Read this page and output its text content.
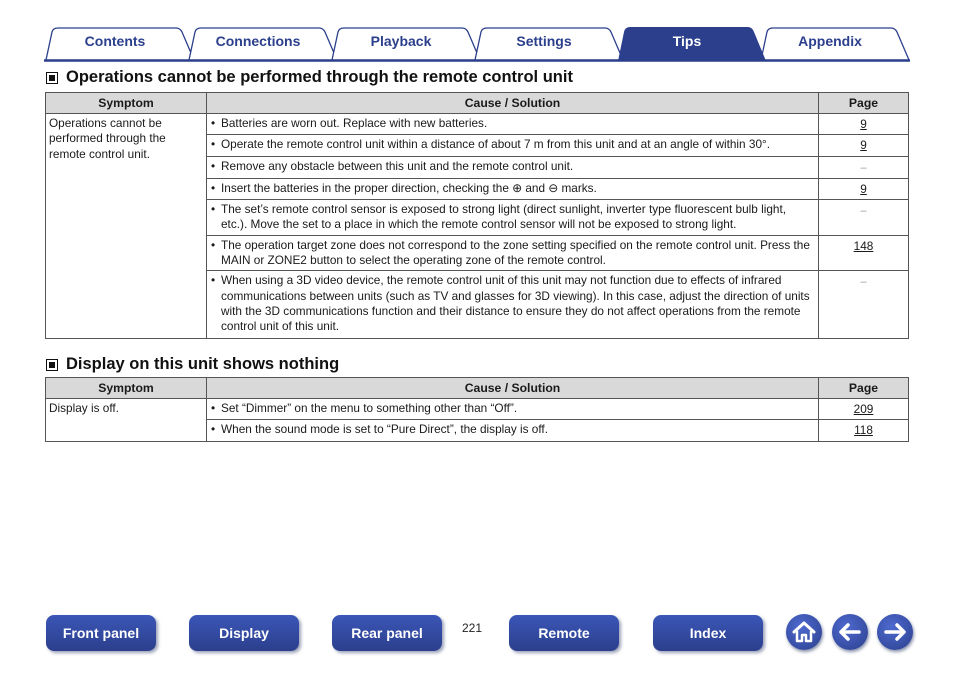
Contents	Connections	Playback	Settings	Tips	Appendix
Operations cannot be performed through the remote control unit
Symptom	Cause / Solution	Page
Operations cannot be performed through the remote control unit.	• Batteries are worn out. Replace with new batteries.	9

	• Operate the remote control unit within a distance of about 7 m from this unit and at an angle of within 30°.	9

	• Remove any obstacle between this unit and the remote control unit.	–

	• Insert the batteries in the proper direction, checking the ⊕ and ⊖ marks.	9

	• The set’s remote control sensor is exposed to strong light (direct sunlight, inverter type fluorescent bulb light, etc.). Move the set to a place in which the remote control sensor will not be exposed to strong light.	–

	• The operation target zone does not correspond to the zone setting specified on the remote control unit. Press the MAIN or ZONE2 button to select the operating zone of the remote control.	148

	• When using a 3D video device, the remote control unit of this unit may not function due to effects of infrared communications between units (such as TV and glasses for 3D viewing). In this case, adjust the direction of units with the 3D communications function and their distance to ensure they do not affect operations from the remote control unit of this unit.	–
Display on this unit shows nothing
Symptom	Cause / Solution	Page
Display is off.	• Set “Dimmer” on the menu to something other than “Off”.	209

	• When the sound mode is set to “Pure Direct”, the display is off.	118
Front panel	Display	Rear panel	221	Remote	Index
